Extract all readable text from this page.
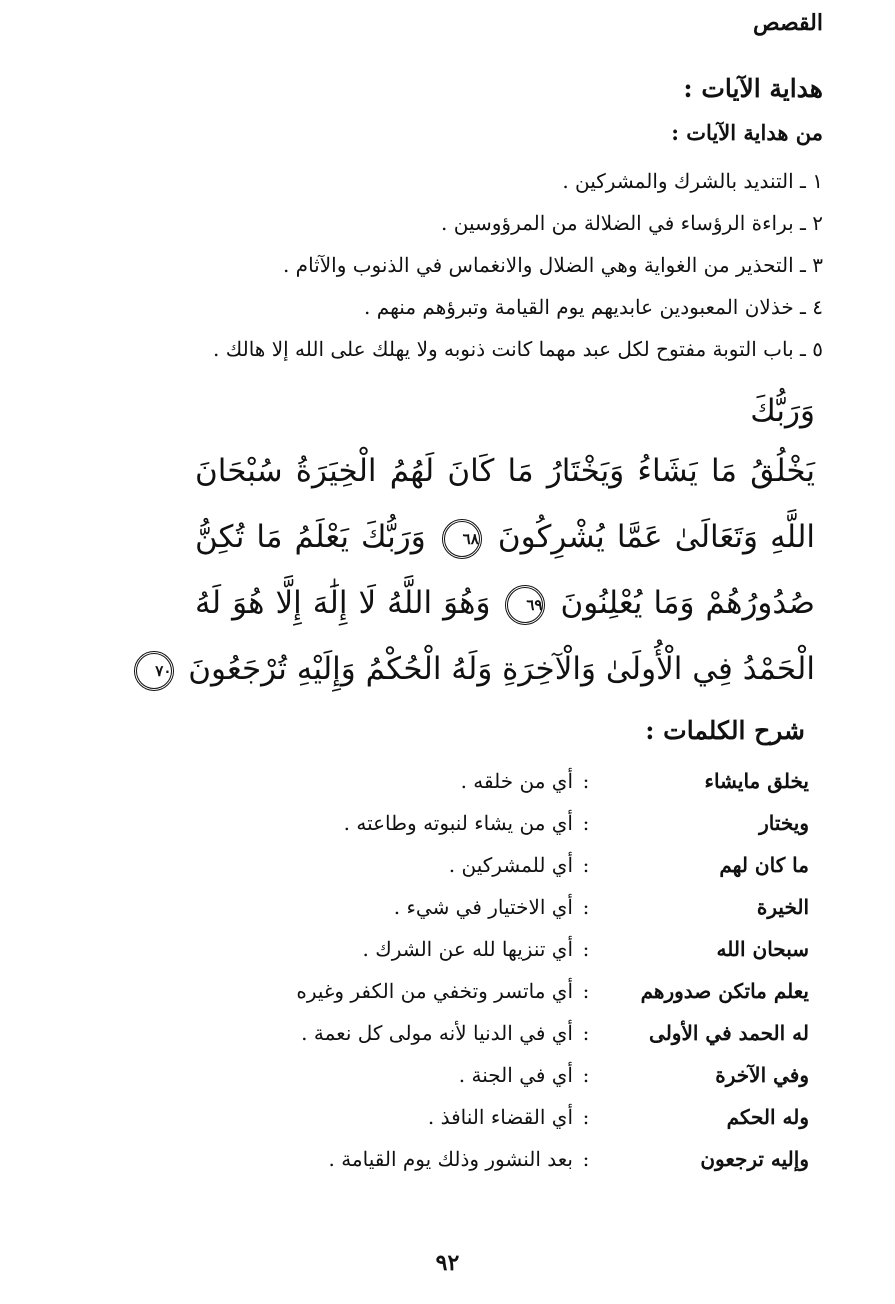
القصص
هداية الآيات :
من هداية الآيات :
١ ـ التنديد بالشرك والمشركين .
٢ ـ براءة الرؤساء في الضلالة من المرؤوسين .
٣ ـ التحذير من الغواية وهي الضلال والانغماس في الذنوب والآثام .
٤ ـ خذلان المعبودين عابديهم يوم القيامة وتبرؤهم منهم .
٥ ـ باب التوبة مفتوح لكل عبد مهما كانت ذنوبه ولا يهلك على الله إلا هالك .
وَرَبُّكَ
يَخْلُقُ مَا يَشَاءُ وَيَخْتَارُ مَا كَانَ لَهُمُ الْخِيَرَةُ سُبْحَانَ
اللَّهِ وَتَعَالَىٰ عَمَّا يُشْرِكُونَ ٦٨ وَرَبُّكَ يَعْلَمُ مَا تُكِنُّ
صُدُورُهُمْ وَمَا يُعْلِنُونَ ٦٩ وَهُوَ اللَّهُ لَا إِلَٰهَ إِلَّا هُوَ لَهُ
الْحَمْدُ فِي الْأُولَىٰ وَالْآخِرَةِ وَلَهُ الْحُكْمُ وَإِلَيْهِ تُرْجَعُونَ ٧٠
شرح الكلمات :
يخلق مايشاء	:	أي من خلقه .
ويختار	:	أي من يشاء لنبوته وطاعته .
ما كان لهم	:	أي للمشركين .
الخيرة	:	أي الاختيار في شيء .
سبحان الله	:	أي تنزيها لله عن الشرك .
يعلم ماتكن صدورهم	:	أي ماتسر وتخفي من الكفر وغيره
له الحمد في الأولى	:	أي في الدنيا لأنه مولى كل نعمة .
وفي الآخرة	:	أي في الجنة .
وله الحكم	:	أي القضاء النافذ .
وإليه ترجعون	:	بعد النشور وذلك يوم القيامة .
٩٢
